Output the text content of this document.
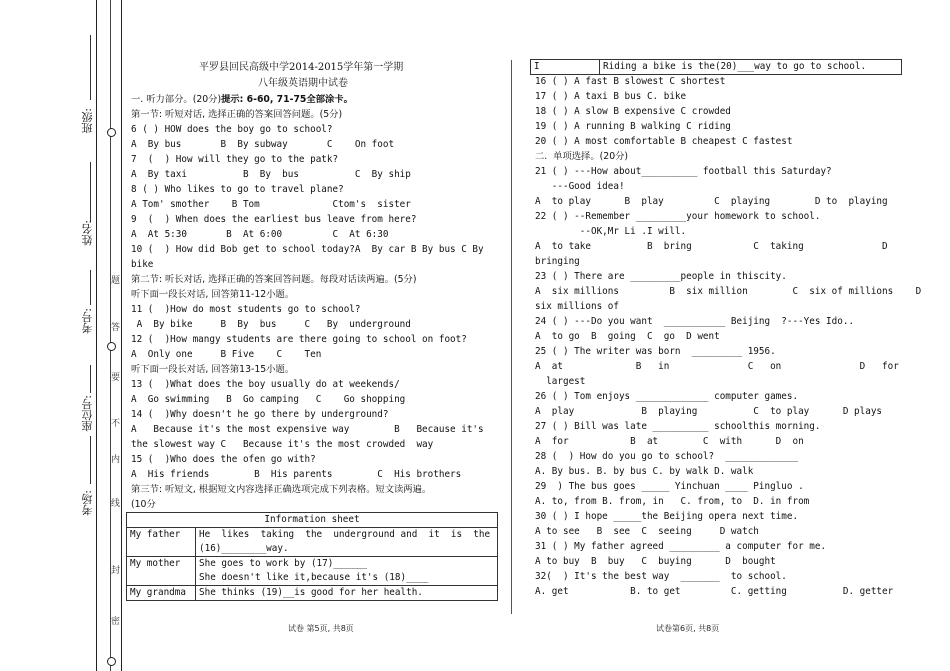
班级:
姓名:
考号:
座位号:
考场:
题
答
要
不
内
线
封
密
平罗县回民高级中学2014-2015学年第一学期
八年级英语期中试卷
一. 听力部分。(20分)提示: 6-60, 71-75全部涂卡。
第一节: 听短对话, 选择正确的答案回答问题。(5分)
6 ( ) HOW does the boy go to school?
A  By bus       B  By subway       C    On foot
7  (  ) How will they go to the patk?
A  By taxi          B  By  bus          C  By ship
8 ( ) Who likes to go to travel plane?
A Tom' smother    B Tom             Ctom's  sister
9  (  ) When does the earliest bus leave from here?
A  At 5:30       B  At 6:00         C  At 6:30
10 (  ) How did Bob get to school today?A  By car B By bus C By
bike
第二节: 听长对话, 选择正确的答案回答问题。每段对话读两遍。(5分)
听下面一段长对话, 回答第11-12小题。
11 (  )How do most students go to school?
A  By bike     B  By  bus     C   By  underground
12 (  )How mangy students are there going to school on foot?
A  Only one     B Five    C    Ten
听下面一段长对话, 回答第13-15小题。
13 (  )What does the boy usually do at weekends/
A  Go swimming   B  Go camping   C    Go shopping
14 (  )Why doesn't he go there by underground?
A   Because it's the most expensive way        B   Because it's
the slowest way C   Because it's the most crowded  way
15 (  )Who does the ofen go with?
A  His friends        B  His parents        C  His brothers
第三节: 听短文, 根据短文内容选择正确选项完成下列表格。短文读两遍。
(10分
Information sheet	
My father	He  likes  taking  the  underground and  it  is  the
(16)________way.

My mother	She goes to work by (17)______
She doesn't like it,because it's (18)____

My grandma	She thinks (19)__is good for her health.
试卷 第5页, 共8页
I	Riding a bike is the(20)___way to go to school.
16 ( ) A fast B slowest C shortest
17 ( ) A taxi B bus C. bike
18 ( ) A slow B expensive C crowded
19 ( ) A running B walking C riding
20 ( ) A most comfortable B cheapest C fastest
二.  单项选择。(20分)
21 ( ) ---How about__________ football this Saturday?
---Good idea!
A  to play      B  play         C  playing        D to  playing
22 ( ) --Remember _________your homework to school.
--OK,Mr Li .I will.
A  to take          B  bring           C  taking              D
bringing
23 ( ) There are _________people in thiscity.
A  six millions         B  six million        C  six of millions    D
six millions of
24 ( ) ---Do you want  ___________ Beijing  ?---Yes Ido..
A  to go  B  going  C  go  D went
25 ( ) The writer was born  _________ 1956.
A  at             B   in              C   on              D   for
largest
26 ( ) Tom enjoys _____________ computer games.
A  play            B  playing          C  to play      D plays
27 ( ) Bill was late __________ schoolthis morning.
A  for           B  at        C  with      D  on
28 (  ) How do you go to school?  _____________
A. By bus. B. by bus C. by walk D. walk
29  ) The bus goes _____ Yinchuan ____ Pingluo .
A. to, from B. from, in   C. from, to  D. in from
30 ( ) I hope _____the Beijing opera next time.
A to see   B  see  C  seeing     D watch
31 ( ) My father agreed _________ a computer for me.
A to buy  B  buy   C  buying      D  bought
32(  ) It's the best way  _______  to school.
A. get           B. to get         C. getting          D. getter
试卷第6页, 共8页
